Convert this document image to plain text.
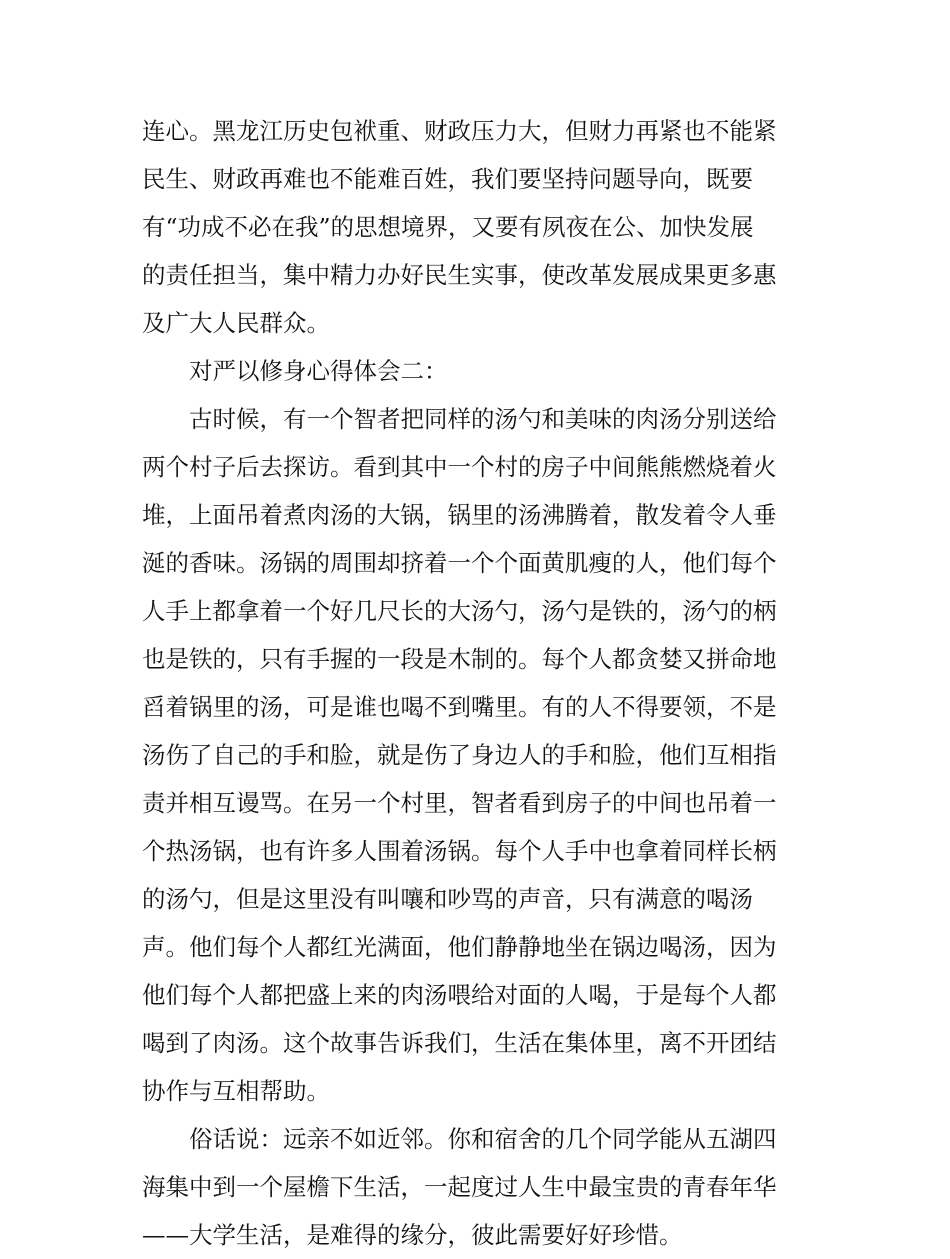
连心。黑龙江历史包袱重、财政压力大，但财力再紧也不能紧
民生、财政再难也不能难百姓，我们要坚持问题导向，既要
有“功成不必在我”的思想境界，又要有夙夜在公、加快发展
的责任担当，集中精力办好民生实事，使改革发展成果更多惠
及广大人民群众。
对严以修身心得体会二：
古时候，有一个智者把同样的汤勺和美味的肉汤分别送给
两个村子后去探访。看到其中一个村的房子中间熊熊燃烧着火
堆，上面吊着煮肉汤的大锅，锅里的汤沸腾着，散发着令人垂
涎的香味。汤锅的周围却挤着一个个面黄肌瘦的人，他们每个
人手上都拿着一个好几尺长的大汤勺，汤勺是铁的，汤勺的柄
也是铁的，只有手握的一段是木制的。每个人都贪婪又拼命地
舀着锅里的汤，可是谁也喝不到嘴里。有的人不得要领，不是
汤伤了自己的手和脸，就是伤了身边人的手和脸，他们互相指
责并相互谩骂。在另一个村里，智者看到房子的中间也吊着一
个热汤锅，也有许多人围着汤锅。每个人手中也拿着同样长柄
的汤勺，但是这里没有叫嚷和吵骂的声音，只有满意的喝汤
声。他们每个人都红光满面，他们静静地坐在锅边喝汤，因为
他们每个人都把盛上来的肉汤喂给对面的人喝，于是每个人都
喝到了肉汤。这个故事告诉我们，生活在集体里，离不开团结
协作与互相帮助。
俗话说：远亲不如近邻。你和宿舍的几个同学能从五湖四
海集中到一个屋檐下生活，一起度过人生中最宝贵的青春年华
——大学生活，是难得的缘分，彼此需要好好珍惜。
